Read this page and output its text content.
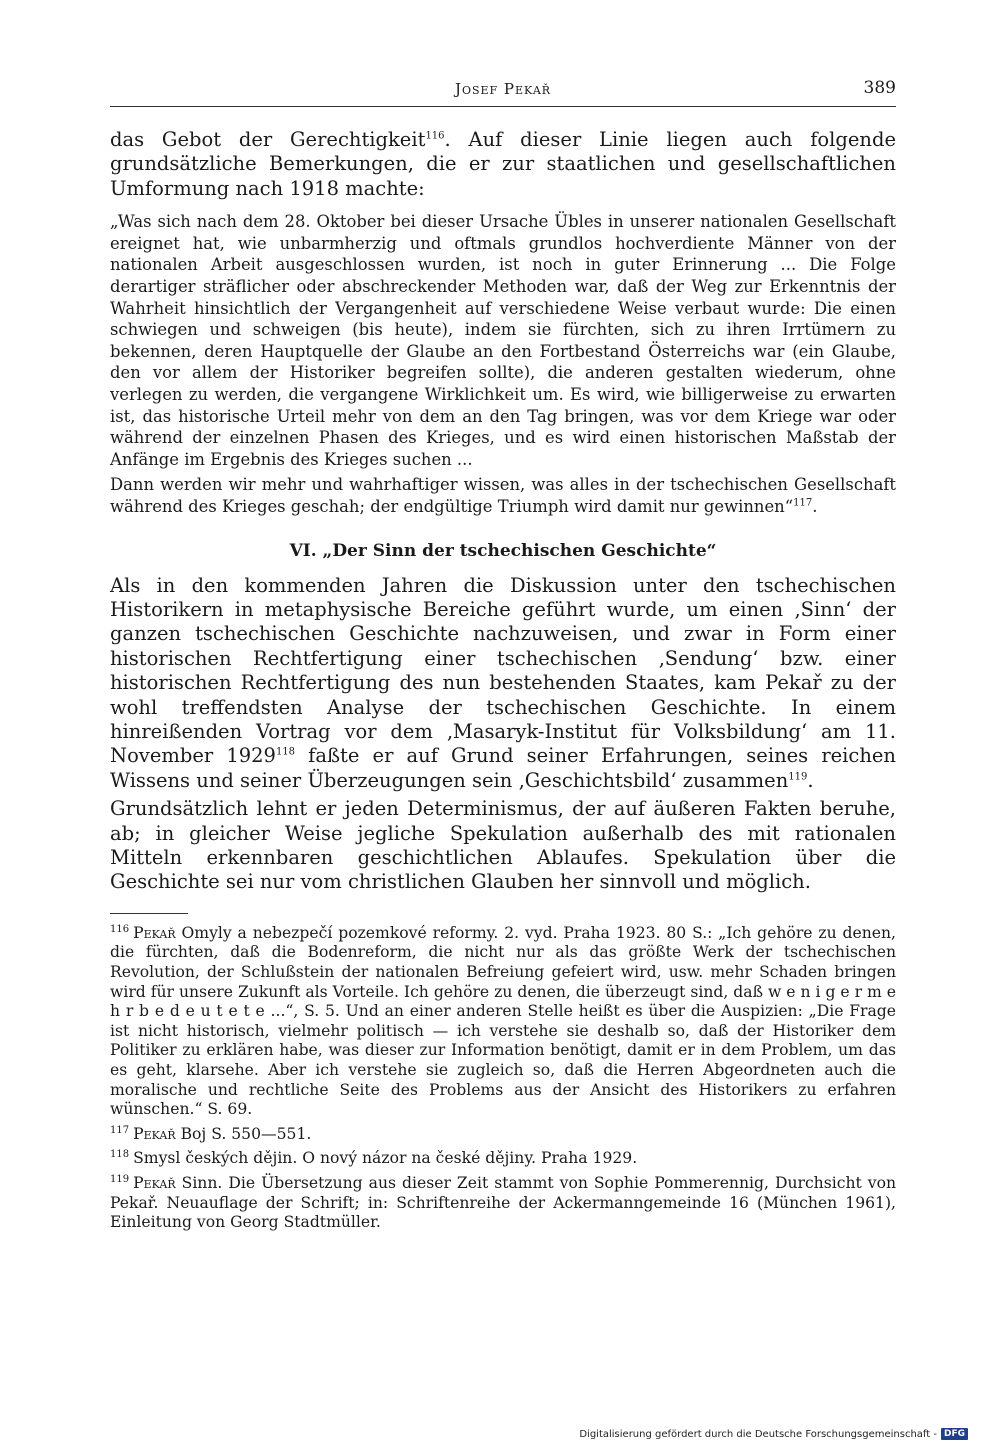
Josef Pekař	389

das Gebot der Gerechtigkeit$^{116}$. Auf dieser Linie liegen auch folgende grundsätzliche Bemerkungen, die er zur staatlichen und gesellschaftlichen Umformung nach 1918 machte:

„Was sich nach dem 28. Oktober bei dieser Ursache Übles in unserer nationalen Gesellschaft ereignet hat, wie unbarmherzig und oftmals grundlos hochverdiente Männer von der nationalen Arbeit ausgeschlossen wurden, ist noch in guter Erinnerung ... Die Folge derartiger sträflicher oder abschreckender Methoden war, daß der Weg zur Erkenntnis der Wahrheit hinsichtlich der Vergangenheit auf verschiedene Weise verbaut wurde: Die einen schwiegen und schweigen (bis heute), indem sie fürchten, sich zu ihren Irrtümern zu bekennen, deren Hauptquelle der Glaube an den Fortbestand Österreichs war (ein Glaube, den vor allem der Historiker begreifen sollte), die anderen gestalten wiederum, ohne verlegen zu werden, die vergangene Wirklichkeit um. Es wird, wie billigerweise zu erwarten ist, das historische Urteil mehr von dem an den Tag bringen, was vor dem Kriege war oder während der einzelnen Phasen des Krieges, und es wird einen historischen Maßstab der Anfänge im Ergebnis des Krieges suchen ...

Dann werden wir mehr und wahrhaftiger wissen, was alles in der tschechischen Gesellschaft während des Krieges geschah; der endgültige Triumph wird damit nur gewinnen“$^{117}$.

VI. „Der Sinn der tschechischen Geschichte“

Als in den kommenden Jahren die Diskussion unter den tschechischen Historikern in metaphysische Bereiche geführt wurde, um einen ‚Sinn‘ der ganzen tschechischen Geschichte nachzuweisen, und zwar in Form einer historischen Rechtfertigung einer tschechischen ‚Sendung‘ bzw. einer historischen Rechtfertigung des nun bestehenden Staates, kam Pekař zu der wohl treffendsten Analyse der tschechischen Geschichte. In einem hinreißenden Vortrag vor dem ‚Masaryk-Institut für Volksbildung‘ am 11. November 1929$^{118}$ faßte er auf Grund seiner Erfahrungen, seines reichen Wissens und seiner Überzeugungen sein ‚Geschichtsbild‘ zusammen$^{119}$.

Grundsätzlich lehnt er jeden Determinismus, der auf äußeren Fakten beruhe, ab; in gleicher Weise jegliche Spekulation außerhalb des mit rationalen Mitteln erkennbaren geschichtlichen Ablaufes. Spekulation über die Geschichte sei nur vom christlichen Glauben her sinnvoll und möglich.

$^{116}$ Pekař Omyly a nebezpečí pozemkové reformy. 2. vyd. Praha 1923. 80 S.: „Ich gehöre zu denen, die fürchten, daß die Bodenreform, die nicht nur als das größte Werk der tschechischen Revolution, der Schlußstein der nationalen Befreiung gefeiert wird, usw. mehr Schaden bringen wird für unsere Zukunft als Vorteile. Ich gehöre zu denen, die überzeugt sind, daß w e n i g e r m e h r b e d e u t e t e ...“, S. 5. Und an einer anderen Stelle heißt es über die Auspizien: „Die Frage ist nicht historisch, vielmehr politisch — ich verstehe sie deshalb so, daß der Historiker dem Politiker zu erklären habe, was dieser zur Information benötigt, damit er in dem Problem, um das es geht, klarsehe. Aber ich verstehe sie zugleich so, daß die Herren Abgeordneten auch die moralische und rechtliche Seite des Problems aus der Ansicht des Historikers zu erfahren wünschen.“ S. 69.

$^{117}$ Pekař Boj S. 550—551.

$^{118}$ Smysl českých dějin. O nový názor na české dějiny. Praha 1929.

$^{119}$ Pekař Sinn. Die Übersetzung aus dieser Zeit stammt von Sophie Pommerennig, Durchsicht von Pekař. Neuauflage der Schrift; in: Schriftenreihe der Ackermanngemeinde 16 (München 1961), Einleitung von Georg Stadtmüller.

Digitalisierung gefördert durch die Deutsche Forschungsgemeinschaft - DFG
